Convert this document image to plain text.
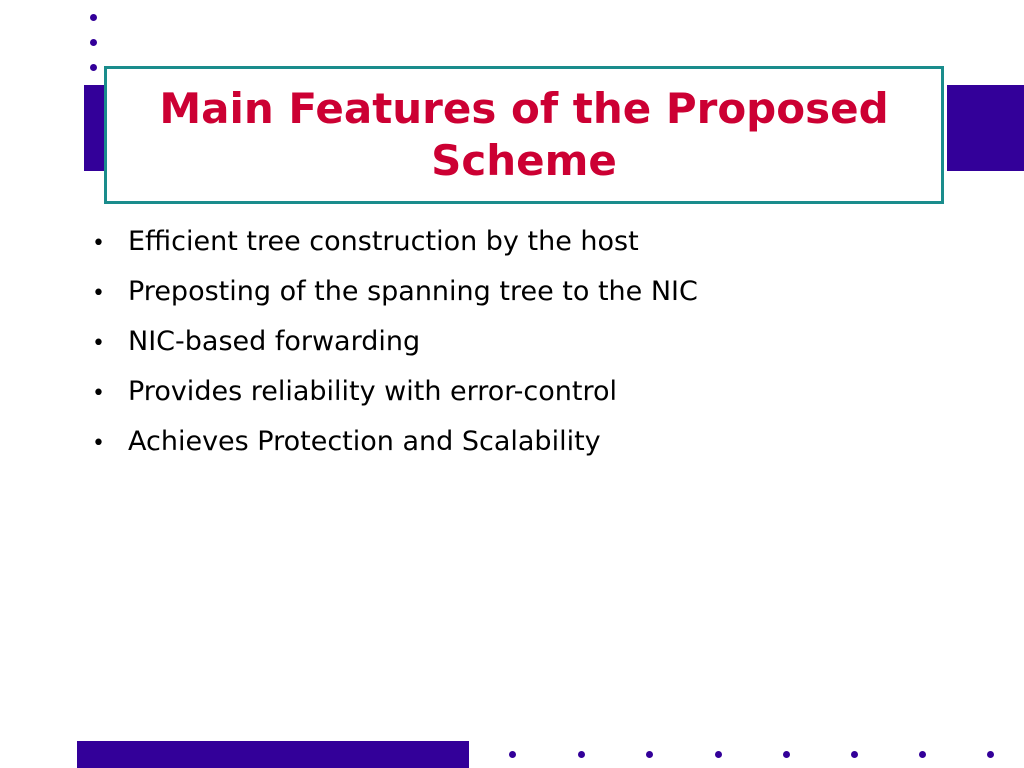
Main Features of the Proposed Scheme
• Efficient tree construction by the host
• Preposting of the spanning tree to the NIC
• NIC-based forwarding
• Provides reliability with error-control
• Achieves Protection and Scalability
